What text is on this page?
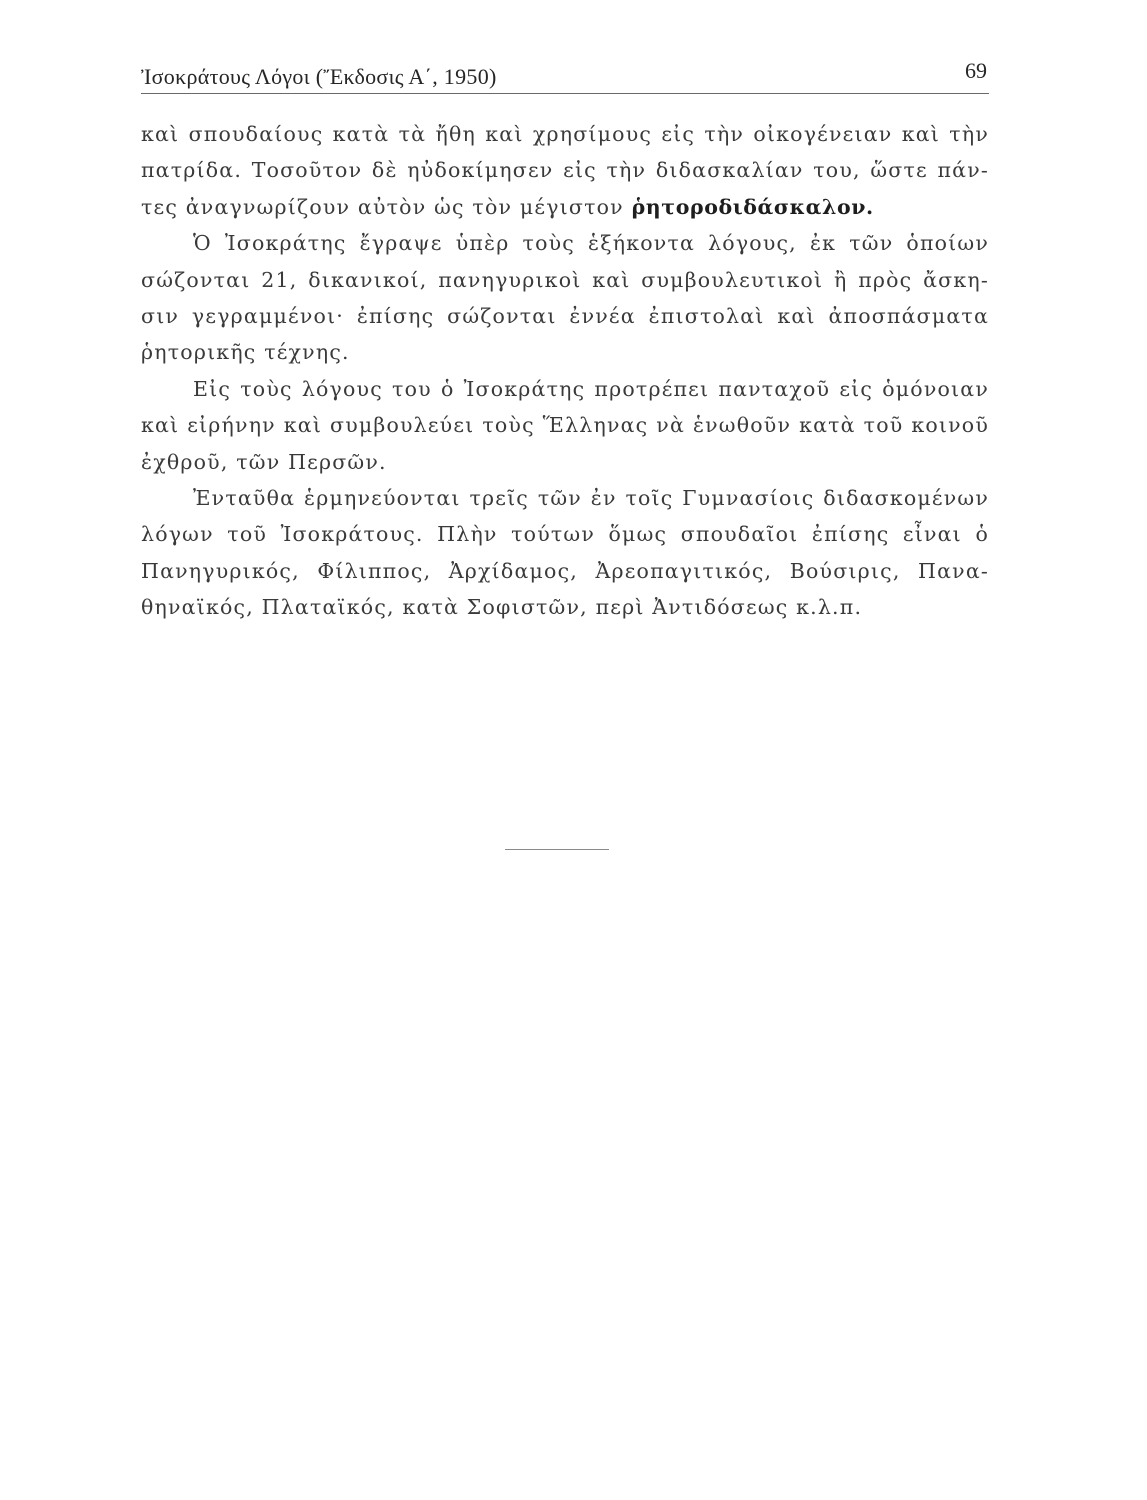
Ἰσοκράτους Λόγοι (Ἔκδοσις Α΄, 1950)	69
καὶ σπουδαίους κατὰ τὰ ἤθη καὶ χρησίμους εἰς τὴν οἰκογένειαν καὶ τὴν
πατρίδα. Τοσοῦτον δὲ ηὐδοκίμησεν εἰς τὴν διδασκαλίαν του, ὥστε πάν-
τες ἀναγνωρίζουν αὐτὸν ὡς τὸν μέγιστον ῥητοροδιδάσκαλον.
Ὁ Ἰσοκράτης ἔγραψε ὑπὲρ τοὺς ἑξήκοντα λόγους, ἐκ τῶν ὁποίων
σώζονται 21, δικανικοί, πανηγυρικοὶ καὶ συμβουλευτικοὶ ἢ πρὸς ἄσκη-
σιν γεγραμμένοι· ἐπίσης σώζονται ἐννέα ἐπιστολαὶ καὶ ἀποσπάσματα
ῥητορικῆς τέχνης.
Εἰς τοὺς λόγους του ὁ Ἰσοκράτης προτρέπει πανταχοῦ εἰς ὁμόνοιαν
καὶ εἰρήνην καὶ συμβουλεύει τοὺς Ἕλληνας νὰ ἑνωθοῦν κατὰ τοῦ κοινοῦ
ἐχθροῦ, τῶν Περσῶν.
Ἐνταῦθα ἑρμηνεύονται τρεῖς τῶν ἐν τοῖς Γυμνασίοις διδασκομένων
λόγων τοῦ Ἰσοκράτους. Πλὴν τούτων ὅμως σπουδαῖοι ἐπίσης εἶναι ὁ
Πανηγυρικός, Φίλιππος, Ἀρχίδαμος, Ἀρεοπαγιτικός, Βούσιρις, Πανα-
θηναϊκός, Πλαταϊκός, κατὰ Σοφιστῶν, περὶ Ἀντιδόσεως κ.λ.π.
